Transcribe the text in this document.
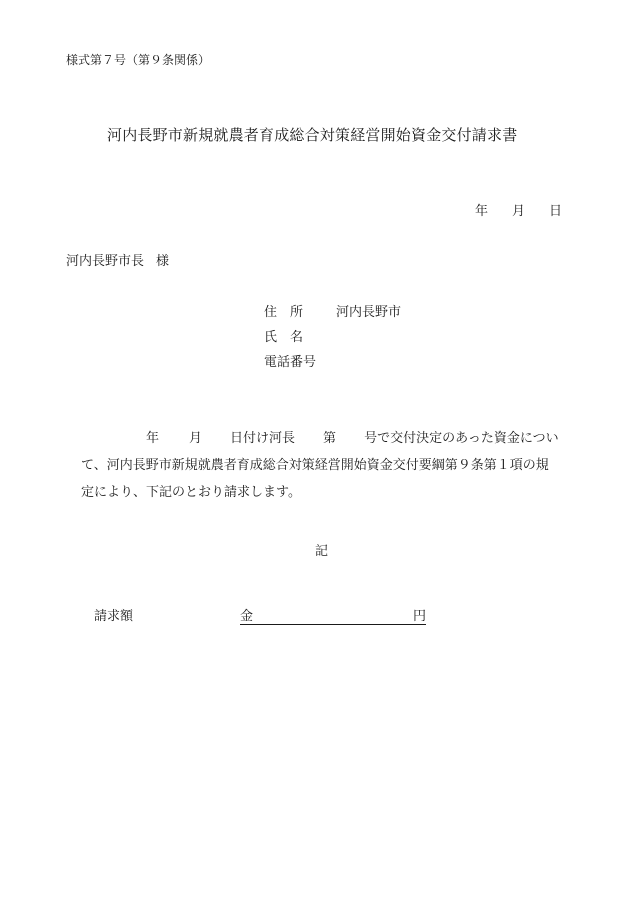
様式第７号（第９条関係）
河内長野市新規就農者育成総合対策経営開始資金交付請求書
年 月 日
河内長野市長 様
住　所	河内長野市
氏　名
電話番号
年 月 日付け河長 第 号で交付決定のあった資金につい
て、河内長野市新規就農者育成総合対策経営開始資金交付要綱第９条第１項の規
定により、下記のとおり請求します。
記
請求額	金	円
